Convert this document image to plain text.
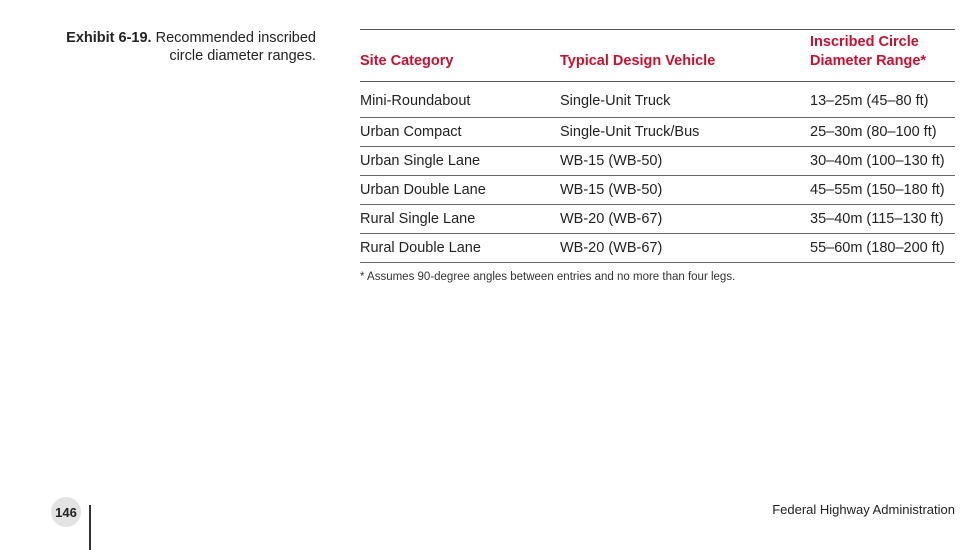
Exhibit 6-19. Recommended inscribed circle diameter ranges.	Site Category	Typical Design Vehicle	Inscribed Circle
Diameter Range*

Mini-Roundabout	Single-Unit Truck	13–25m (45–80 ft)
Urban Compact	Single-Unit Truck/Bus	25–30m (80–100 ft)
Urban Single Lane	WB-15 (WB-50)	30–40m (100–130 ft)
Urban Double Lane	WB-15 (WB-50)	45–55m (150–180 ft)
Rural Single Lane	WB-20 (WB-67)	35–40m (115–130 ft)
Rural Double Lane	WB-20 (WB-67)	55–60m (180–200 ft)
* Assumes 90-degree angles between entries and no more than four legs.
146	Federal Highway Administration
